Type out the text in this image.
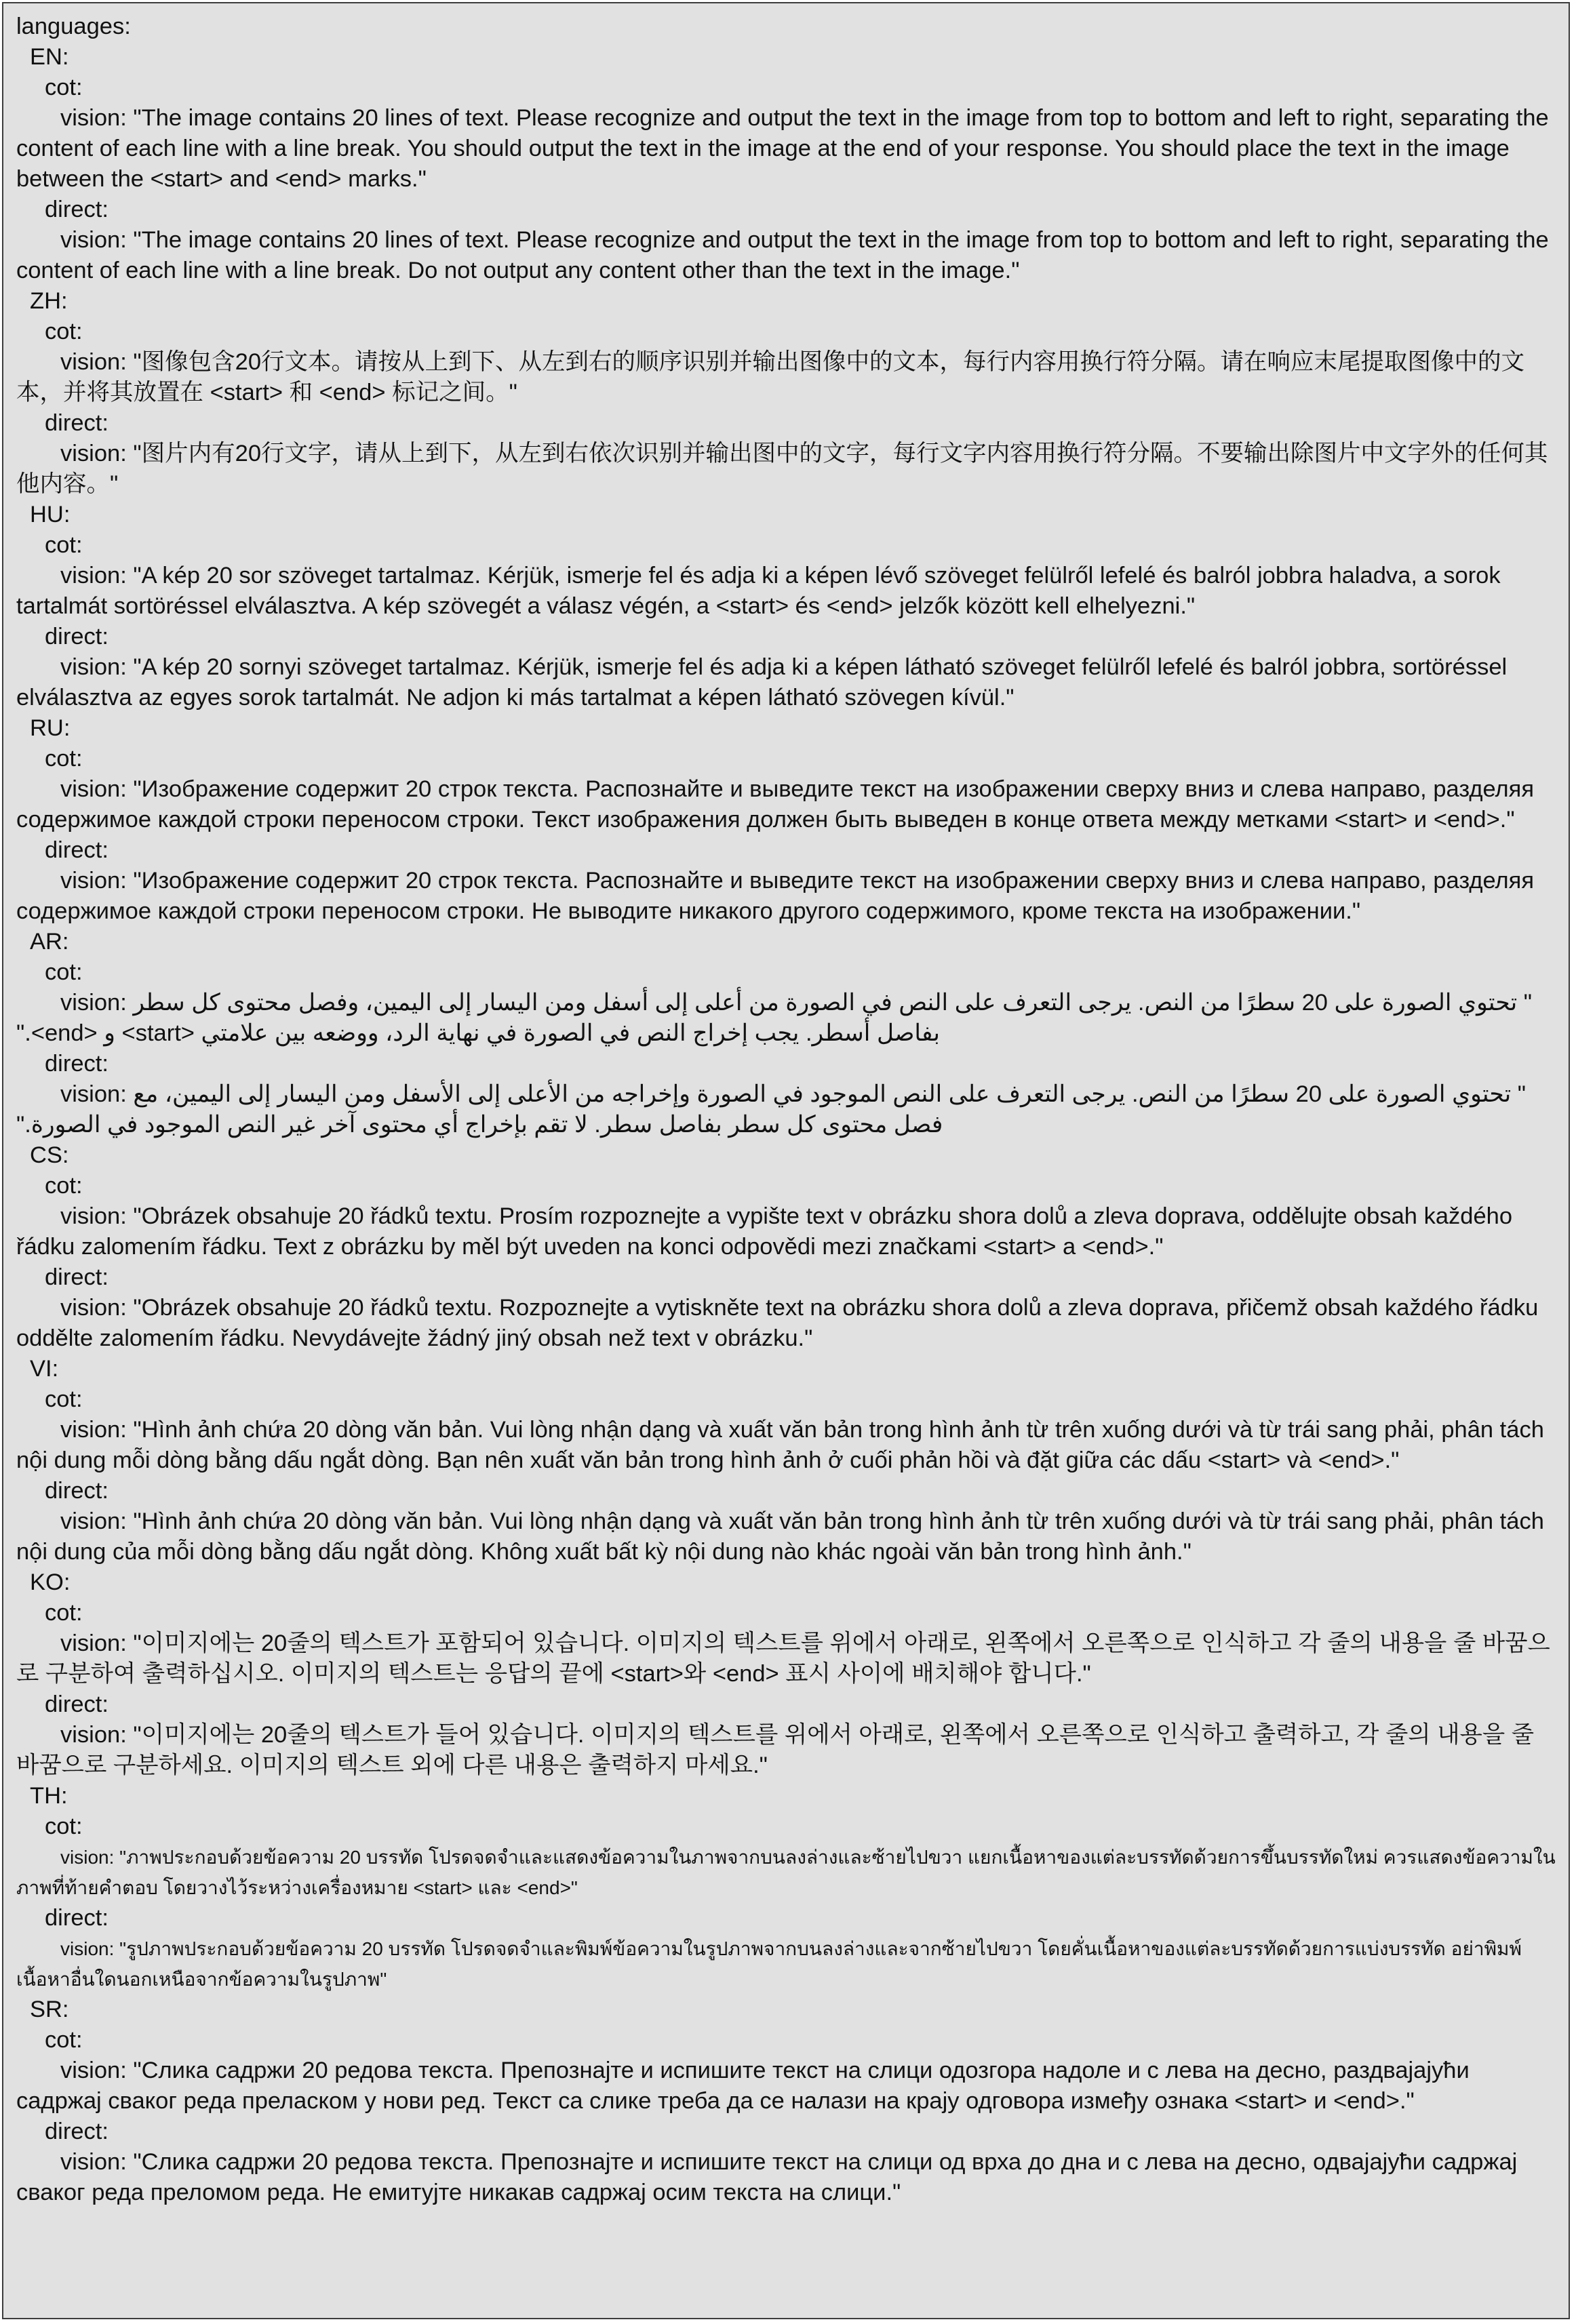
languages:
EN:
cot:
vision: "The image contains 20 lines of text. Please recognize and output the text in the image from top to bottom and left to right, separating the content of each line with a line break. You should output the text in the image at the end of your response. You should place the text in the image between the <start> and <end> marks."
direct:
vision: "The image contains 20 lines of text. Please recognize and output the text in the image from top to bottom and left to right, separating the content of each line with a line break. Do not output any content other than the text in the image."
ZH:
cot:
vision: "图像包含20行文本。请按从上到下、从左到右的顺序识别并输出图像中的文本，每行内容用换行符分隔。请在响应末尾提取图像中的文本，并将其放置在 <start> 和 <end> 标记之间。"
direct:
vision: "图片内有20行文字，请从上到下，从左到右依次识别并输出图中的文字，每行文字内容用换行符分隔。不要输出除图片中文字外的任何其他内容。"
HU:
cot:
vision: "A kép 20 sor szöveget tartalmaz. Kérjük, ismerje fel és adja ki a képen lévő szöveget felülről lefelé és balról jobbra haladva, a sorok tartalmát sortöréssel elválasztva. A kép szövegét a válasz végén, a <start> és <end> jelzők között kell elhelyezni."
direct:
vision: "A kép 20 sornyi szöveget tartalmaz. Kérjük, ismerje fel és adja ki a képen látható szöveget felülről lefelé és balról jobbra, sortöréssel elválasztva az egyes sorok tartalmát. Ne adjon ki más tartalmat a képen látható szövegen kívül."
RU:
cot:
vision: "Изображение содержит 20 строк текста. Распознайте и выведите текст на изображении сверху вниз и слева направо, разделяя содержимое каждой строки переносом строки. Текст изображения должен быть выведен в конце ответа между метками <start> и <end>."
direct:
vision: "Изображение содержит 20 строк текста. Распознайте и выведите текст на изображении сверху вниз и слева направо, разделяя содержимое каждой строки переносом строки. Не выводите никакого другого содержимого, кроме текста на изображении."
AR:
cot:
vision: " تحتوي الصورة على 20 سطرًا من النص. يرجى التعرف على النص في الصورة من أعلى إلى أسفل ومن اليسار إلى اليمين، وفصل محتوى كل سطر بفاصل أسطر. يجب إخراج النص في الصورة في نهاية الرد، ووضعه بين علامتي <start> و <end>."
direct:
vision: " تحتوي الصورة على 20 سطرًا من النص. يرجى التعرف على النص الموجود في الصورة وإخراجه من الأعلى إلى الأسفل ومن اليسار إلى اليمين، مع فصل محتوى كل سطر بفاصل سطر. لا تقم بإخراج أي محتوى آخر غير النص الموجود في الصورة."
CS:
cot:
vision: "Obrázek obsahuje 20 řádků textu. Prosím rozpoznejte a vypište text v obrázku shora dolů a zleva doprava, oddělujte obsah každého řádku zalomením řádku. Text z obrázku by měl být uveden na konci odpovědi mezi značkami <start> a <end>."
direct:
vision: "Obrázek obsahuje 20 řádků textu. Rozpoznejte a vytiskněte text na obrázku shora dolů a zleva doprava, přičemž obsah každého řádku oddělte zalomením řádku. Nevydávejte žádný jiný obsah než text v obrázku."
VI:
cot:
vision: "Hình ảnh chứa 20 dòng văn bản. Vui lòng nhận dạng và xuất văn bản trong hình ảnh từ trên xuống dưới và từ trái sang phải, phân tách nội dung mỗi dòng bằng dấu ngắt dòng. Bạn nên xuất văn bản trong hình ảnh ở cuối phản hồi và đặt giữa các dấu <start> và <end>."
direct:
vision: "Hình ảnh chứa 20 dòng văn bản. Vui lòng nhận dạng và xuất văn bản trong hình ảnh từ trên xuống dưới và từ trái sang phải, phân tách nội dung của mỗi dòng bằng dấu ngắt dòng. Không xuất bất kỳ nội dung nào khác ngoài văn bản trong hình ảnh."
KO:
cot:
vision: "이미지에는 20줄의 텍스트가 포함되어 있습니다. 이미지의 텍스트를 위에서 아래로, 왼쪽에서 오른쪽으로 인식하고 각 줄의 내용을 줄 바꿈으로 구분하여 출력하십시오. 이미지의 텍스트는 응답의 끝에 <start>와 <end> 표시 사이에 배치해야 합니다."
direct:
vision: "이미지에는 20줄의 텍스트가 들어 있습니다. 이미지의 텍스트를 위에서 아래로, 왼쪽에서 오른쪽으로 인식하고 출력하고, 각 줄의 내용을 줄 바꿈으로 구분하세요. 이미지의 텍스트 외에 다른 내용은 출력하지 마세요."
TH:
cot:
vision: "ภาพประกอบด้วยข้อความ 20 บรรทัด โปรดจดจำและแสดงข้อความในภาพจากบนลงล่างและซ้ายไปขวา แยกเนื้อหาของแต่ละบรรทัดด้วยการขึ้นบรรทัดใหม่ ควรแสดงข้อความในภาพที่ท้ายคำตอบ โดยวางไว้ระหว่างเครื่องหมาย <start> และ <end>"
direct:
vision: "รูปภาพประกอบด้วยข้อความ 20 บรรทัด โปรดจดจำและพิมพ์ข้อความในรูปภาพจากบนลงล่างและจากซ้ายไปขวา โดยคั่นเนื้อหาของแต่ละบรรทัดด้วยการแบ่งบรรทัด อย่าพิมพ์เนื้อหาอื่นใดนอกเหนือจากข้อความในรูปภาพ"
SR:
cot:
vision: "Слика садржи 20 редова текста. Препознајте и испишите текст на слици одозгора надоле и с лева на десно, раздвајајући садржај сваког реда преласком у нови ред. Текст са слике треба да се налази на крају одговора између ознака <start> и <end>."
direct:
vision: "Слика садржи 20 редова текста. Препознајте и испишите текст на слици од врха до дна и с лева на десно, одвајајући садржај сваког реда преломом реда. Не емитујте никакав садржај осим текста на слици."
